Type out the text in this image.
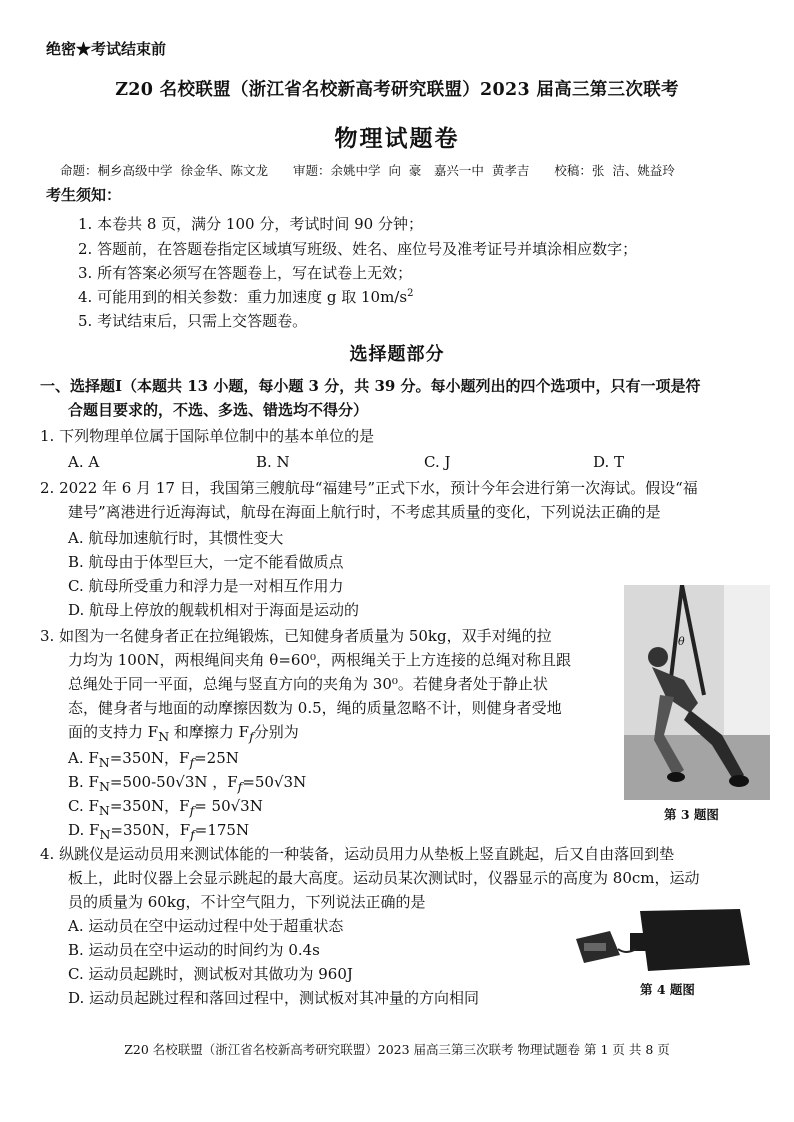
绝密★考试结束前
Z20 名校联盟（浙江省名校新高考研究联盟）2023 届高三第三次联考
物理试题卷
命题：桐乡高级中学 徐金华、陈文龙　　审题：余姚中学 向 豪　嘉兴一中 黄孝吉　　校稿：张 洁、姚益玲
考生须知：
1. 本卷共 8 页，满分 100 分，考试时间 90 分钟；
2. 答题前，在答题卷指定区域填写班级、姓名、座位号及准考证号并填涂相应数字；
3. 所有答案必须写在答题卷上，写在试卷上无效；
4. 可能用到的相关参数：重力加速度 g 取 $10m/s^2$
5. 考试结束后，只需上交答题卷。
选择题部分
一、选择题Ⅰ（本题共 13 小题，每小题 3 分，共 39 分。每小题列出的四个选项中，只有一项是符
合题目要求的，不选、多选、错选均不得分）
1. 下列物理单位属于国际单位制中的基本单位的是
A. A	B. N	C. J	D. T
2. 2022 年 6 月 17 日，我国第三艘航母“福建号”正式下水，预计今年会进行第一次海试。假设“福
建号”离港进行近海海试，航母在海面上航行时，不考虑其质量的变化，下列说法正确的是
A. 航母加速航行时，其惯性变大
B. 航母由于体型巨大，一定不能看做质点
C. 航母所受重力和浮力是一对相互作用力
D. 航母上停放的舰载机相对于海面是运动的
θ
第 3 题图
3. 如图为一名健身者正在拉绳锻炼，已知健身者质量为 50kg，双手对绳的拉
力均为 100N，两根绳间夹角 θ=60⁰，两根绳关于上方连接的总绳对称且跟
总绳处于同一平面，总绳与竖直方向的夹角为 30⁰。若健身者处于静止状
态，健身者与地面的动摩擦因数为 0.5，绳的质量忽略不计，则健身者受地
面的支持力 $F_N$ 和摩擦力 $F_f$分别为
A. $F_N=350N$，$F_f=25N$
B. $F_N=500-50√3N$ ，$F_f=50√3N$
C. $F_N=350N$，$F_f= 50√3N$
D. $F_N=350N$，$F_f=175N$
4. 纵跳仪是运动员用来测试体能的一种装备，运动员用力从垫板上竖直跳起，后又自由落回到垫
板上，此时仪器上会显示跳起的最大高度。运动员某次测试时，仪器显示的高度为 80cm，运动
员的质量为 60kg，不计空气阻力，下列说法正确的是
A. 运动员在空中运动过程中处于超重状态
B. 运动员在空中运动的时间约为 0.4s
C. 运动员起跳时，测试板对其做功为 960J
D. 运动员起跳过程和落回过程中，测试板对其冲量的方向相同	第 4 题图
Z20 名校联盟（浙江省名校新高考研究联盟）2023 届高三第三次联考 物理试题卷 第 1 页 共 8 页
